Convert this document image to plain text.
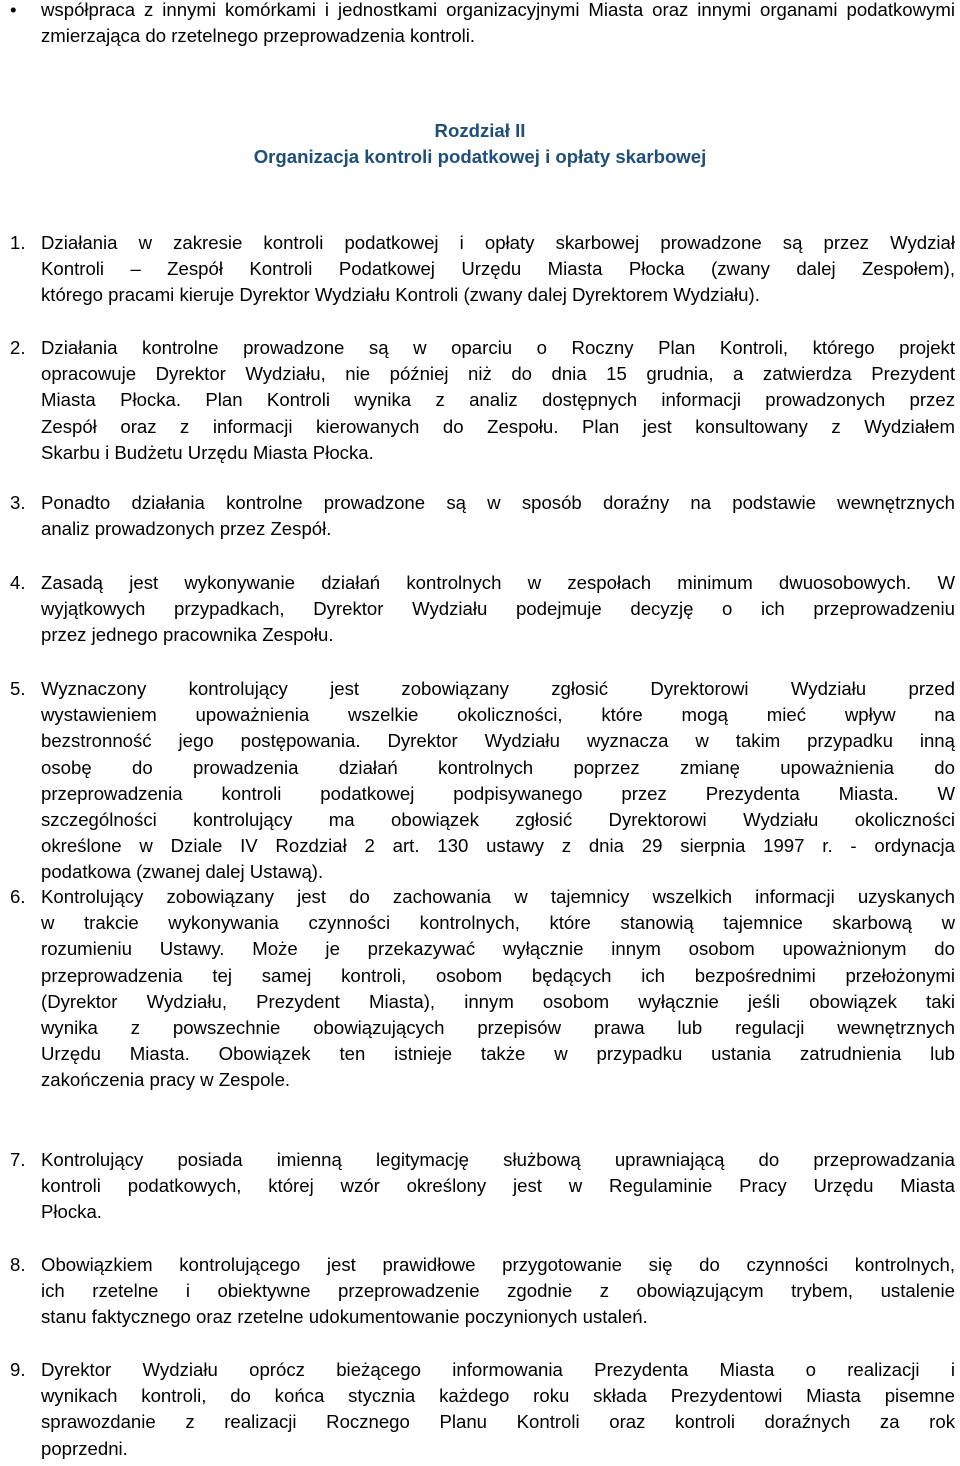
• współpraca z innymi komórkami i jednostkami organizacyjnymi Miasta oraz innymi organami podatkowymi zmierzająca do rzetelnego przeprowadzenia kontroli.
Rozdział II
Organizacja kontroli podatkowej i opłaty skarbowej
1. Działania w zakresie kontroli podatkowej i opłaty skarbowej prowadzone są przez Wydział
Kontroli – Zespół Kontroli Podatkowej Urzędu Miasta Płocka (zwany dalej Zespołem),
którego pracami kieruje Dyrektor Wydziału Kontroli (zwany dalej Dyrektorem Wydziału).
2. Działania kontrolne prowadzone są w oparciu o Roczny Plan Kontroli, którego projekt
opracowuje Dyrektor Wydziału, nie później niż do dnia 15 grudnia, a zatwierdza Prezydent
Miasta Płocka. Plan Kontroli wynika z analiz dostępnych informacji prowadzonych przez
Zespół oraz z informacji kierowanych do Zespołu. Plan jest konsultowany z Wydziałem
Skarbu i Budżetu Urzędu Miasta Płocka.
3. Ponadto działania kontrolne prowadzone są w sposób doraźny na podstawie wewnętrznych
analiz prowadzonych przez Zespół.
4. Zasadą jest wykonywanie działań kontrolnych w zespołach minimum dwuosobowych. W
wyjątkowych przypadkach, Dyrektor Wydziału podejmuje decyzję o ich przeprowadzeniu
przez jednego pracownika Zespołu.
5. Wyznaczony kontrolujący jest zobowiązany zgłosić Dyrektorowi Wydziału przed
wystawieniem upoważnienia wszelkie okoliczności, które mogą mieć wpływ na
bezstronność jego postępowania. Dyrektor Wydziału wyznacza w takim przypadku inną
osobę do prowadzenia działań kontrolnych poprzez zmianę upoważnienia do
przeprowadzenia kontroli podatkowej podpisywanego przez Prezydenta Miasta. W
szczególności kontrolujący ma obowiązek zgłosić Dyrektorowi Wydziału okoliczności
określone w Dziale IV Rozdział 2 art. 130 ustawy z dnia 29 sierpnia 1997 r. - ordynacja
podatkowa (zwanej dalej Ustawą).
6. Kontrolujący zobowiązany jest do zachowania w tajemnicy wszelkich informacji uzyskanych
w trakcie wykonywania czynności kontrolnych, które stanowią tajemnice skarbową w
rozumieniu Ustawy. Może je przekazywać wyłącznie innym osobom upoważnionym do
przeprowadzenia tej samej kontroli, osobom będących ich bezpośrednimi przełożonymi
(Dyrektor Wydziału, Prezydent Miasta), innym osobom wyłącznie jeśli obowiązek taki
wynika z powszechnie obowiązujących przepisów prawa lub regulacji wewnętrznych
Urzędu Miasta. Obowiązek ten istnieje także w przypadku ustania zatrudnienia lub
zakończenia pracy w Zespole.
7. Kontrolujący posiada imienną legitymację służbową uprawniającą do przeprowadzania
kontroli podatkowych, której wzór określony jest w Regulaminie Pracy Urzędu Miasta
Płocka.
8. Obowiązkiem kontrolującego jest prawidłowe przygotowanie się do czynności kontrolnych,
ich rzetelne i obiektywne przeprowadzenie zgodnie z obowiązującym trybem, ustalenie
stanu faktycznego oraz rzetelne udokumentowanie poczynionych ustaleń.
9. Dyrektor Wydziału oprócz bieżącego informowania Prezydenta Miasta o realizacji i
wynikach kontroli, do końca stycznia każdego roku składa Prezydentowi Miasta pisemne
sprawozdanie z realizacji Rocznego Planu Kontroli oraz kontroli doraźnych za rok
poprzedni.
